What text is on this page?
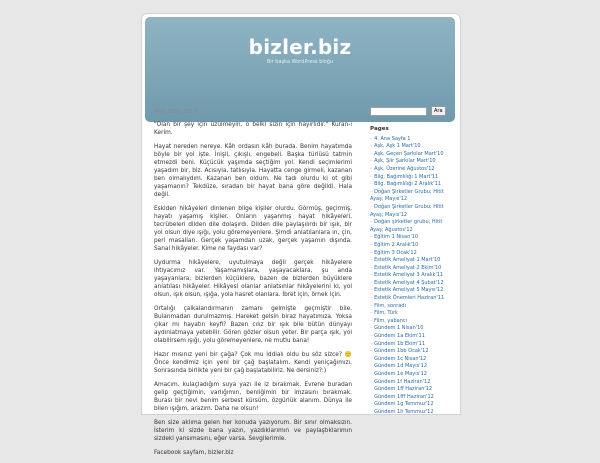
bizler.biz
Bir başka WordPress bloğu
Mart 25th, 2010

"Olan bir şey için üzülmeyin, o belki sizin için hayırlıdır." Kuran-ı Kerim.

Hayat nereden nereye. Kâh ordasın kâh burada. Benim hayatımda böyle bir yol işte. İnişli, çıkışlı, engebeli. Başka türlüsü tatmin etmezdi beni. Küçücük yaşımda seçtiğim yol. Kendi seçimlerimi yaşadım bir, biz. Acısıyla, tatlısıyla. Hayatta cenge girmeli, kazanan ben olmalıydım. Kazanan ben oldum. Ne tadı olurdu ki ot gibi yaşamanın? Tekdüze, sıradan bir hayat bana göre değildi. Hala değil.

Eskiden hikâyeleri dinlenen bilge kişiler olurdu. Görmüş, geçirmiş, hayatı yaşamış kişiler. Onların yaşanmış hayat hikâyeleri, tecrübeleri dilden dile dolaşırdı. Dilden dile paylaşılırdı bir ışık, bir yol olsun diye ışığı, yolu göremeyenlere. Şimdi anlatılanlara ın, çin, peri masalları. Gerçek yaşamdan uzak, gerçek yaşamın dışında. Sanal hikâyeler. Kime ne faydası var?

Uydurma hikâyelere, uyutulmaya değil gerçek hikâyelere ihtiyacımız var. Yaşamamışlara, yaşayacaklara, şu anda yaşayanlara, bizlerden küçüklere, bazen de bizlerden büyüklere anlatılası hikâyeler. Hikâyesi olanlar anlatsınlar hikâyelerini ki, yol olsun, ışık olsun, ışığa, yola hasret olanlara. İbret için, örnek için.

Ortalığı çalkalandırmanın zamanı gelmişte geçmiştir bile. Bulanmadan durulmazmış. Hareket gelsin biraz hayatımıza. Yoksa çıkar mı hayatın keyfi? Bazen cılız bir ışık bile bütün dünyayı aydınlatmaya yetebilir. Gören gözler olsun yeter. Bir parça ışık, yol olabilirsem ışığı, yolu göremeyenlere, ne mutlu bana!

Hazır mısınız yeni bir çağa? Çok mu iddialı oldu bu söz sizce? 🙂 Önce kendimiz için yeni bir çağ başlatalım. Kendi yeniçağımızı. Sonrasında birlikte yeni bir çağ başlatabiliriz. Ne dersiniz?:)

Amacım, kulaçladığım suya yazı ile iz bırakmak. Evrene buradan gelip geçtiğimin, varlığımın, benliğimin bir imzasını bırakmak. Burası bir nevi benim serbest kürsüm, özgürlük alanım. Dünya ile bilen ışığım, arazım. Daha ne olsun!

Ben size aklıma gelen her konuda yazıyorum. Bir sınır olmaksızın. İsterim ki sizde bana yazın, yazdıklarımın ve paylaştıklarımın sizdeki yansımasını, eğer varsa. Sevgilerimle.

Facebook sayfam, bizler.biz

Ara
Pages
– 4. Ana Sayfa 1
– Aşk, Aşk 1 Mart'10
– Aşk, Geçen Şarkılar Mart'10
– Aşk, Şiir Şarkılar Mart'10
– Aşk, Üzerine Ağustos'12
– Bilg. Bağımlılığı 1 Mart'11
– Bilg. Bağımlılığı 2 Aralık'11
– Doğan Şirketler Grubu; Hitit Ayaş; Mayıs'12
– Doğan Şirketler Grubu; Hitit Ayaş; Mayıs'12
– Doğan şirketler grubu; Hitit Ayaş; Ağustos'12
– Eğitim 1 Nisan'10
– Eğitim 2 Aralık'10
– Eğitim 3 Ocak'12
– Estetik Ameliyat 1 Mart'10
– Estetik Ameliyat 2 Ekim'10
– Estetik Ameliyat 3 Aralık'11
– Estetik Ameliyat 4 Şubat'12
– Estetik Ameliyat 5 Mayıs'12
– Estetik Önemleri Haziran'11
– Film, sonradı
– Film, Türk
– Film, yabancı
– Gündem 1 Nisan'10
– Gündem 1a Ekim'11
– Gündem 1b Ekim'11
– Gündem 1bb Ocak'12
– Gündem 1c Nisan'12
– Gündem 1d Mayıs'12
– Gündem 1e Mayıs'12
– Gündem 1f Haziran'12
– Gündem 1ff Haziran'12
– Gündem 1fff Haziran'12
– Gündem 1g Temmuz'12
– Gündem 1h Temmuz'12
